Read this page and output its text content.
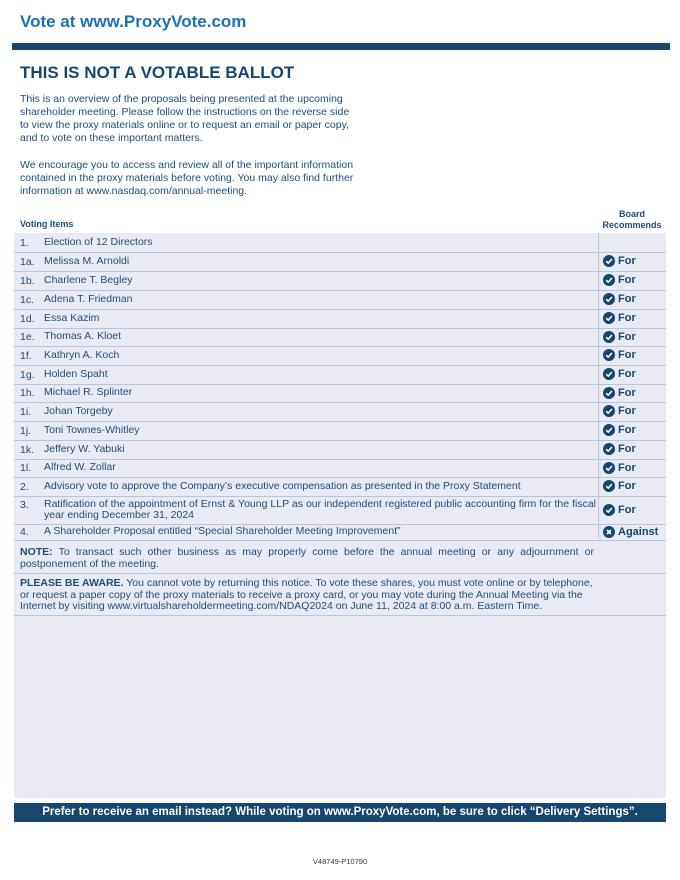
Vote at www.ProxyVote.com
THIS IS NOT A VOTABLE BALLOT
This is an overview of the proposals being presented at the upcoming shareholder meeting. Please follow the instructions on the reverse side to view the proxy materials online or to request an email or paper copy, and to vote on these important matters.
We encourage you to access and review all of the important information contained in the proxy materials before voting. You may also find further information at www.nasdaq.com/annual-meeting.
Voting Items
Board
Recommends
1. Election of 12 Directors
1a. Melissa M. Arnoldi	For
1b. Charlene T. Begley	For
1c. Adena T. Friedman	For
1d. Essa Kazim	For
1e. Thomas A. Kloet	For
1f. Kathryn A. Koch	For
1g. Holden Spaht	For
1h. Michael R. Splinter	For
1i. Johan Torgeby	For
1j. Toni Townes-Whitley	For
1k. Jeffery W. Yabuki	For
1l. Alfred W. Zollar	For
2. Advisory vote to approve the Company’s executive compensation as presented in the Proxy Statement	For
3. Ratification of the appointment of Ernst & Young LLP as our independent registered public accounting firm for the fiscal year ending December 31, 2024	For
4. A Shareholder Proposal entitled “Special Shareholder Meeting Improvement”	Against
NOTE: To transact such other business as may properly come before the annual meeting or any adjournment or postponement of the meeting.
PLEASE BE AWARE. You cannot vote by returning this notice. To vote these shares, you must vote online or by telephone, or request a paper copy of the proxy materials to receive a proxy card, or you may vote during the Annual Meeting via the Internet by visiting www.virtualshareholdermeeting.com/NDAQ2024 on June 11, 2024 at 8:00 a.m. Eastern Time.
Prefer to receive an email instead? While voting on www.ProxyVote.com, be sure to click “Delivery Settings”.
V48749-P10790
